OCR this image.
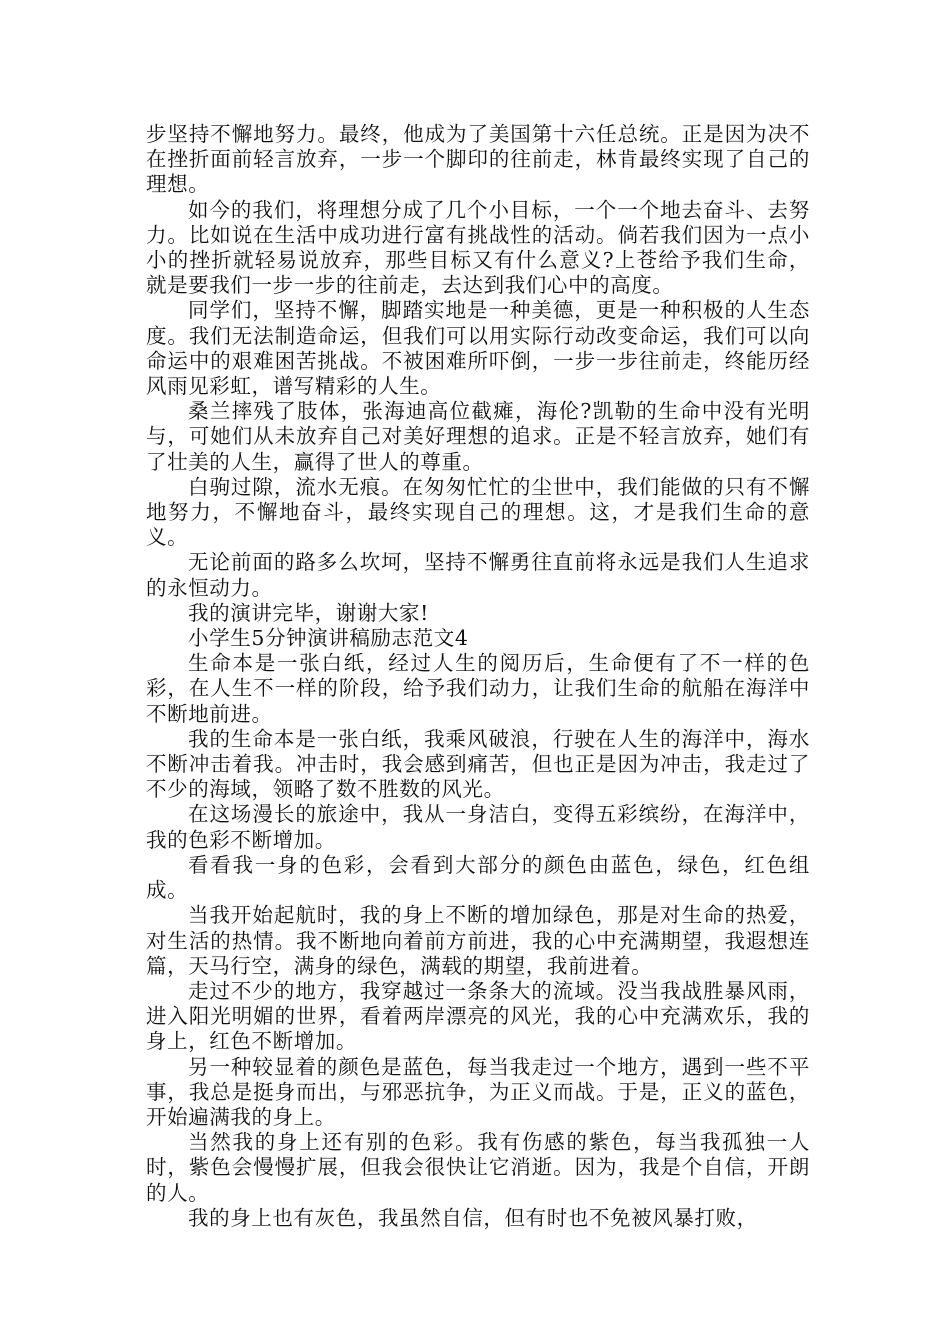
步坚持不懈地努力。最终，他成为了美国第十六任总统。正是因为决不在挫折面前轻言放弃，一步一个脚印的往前走，林肯最终实现了自己的理想。

如今的我们，将理想分成了几个小目标，一个一个地去奋斗、去努力。比如说在生活中成功进行富有挑战性的活动。倘若我们因为一点小小的挫折就轻易说放弃，那些目标又有什么意义?上苍给予我们生命，就是要我们一步一步的往前走，去达到我们心中的高度。

同学们，坚持不懈，脚踏实地是一种美德，更是一种积极的人生态度。我们无法制造命运，但我们可以用实际行动改变命运，我们可以向命运中的艰难困苦挑战。不被困难所吓倒，一步一步往前走，终能历经风雨见彩虹，谱写精彩的人生。

桑兰摔残了肢体，张海迪高位截瘫，海伦?凯勒的生命中没有光明与，可她们从未放弃自己对美好理想的追求。正是不轻言放弃，她们有了壮美的人生，赢得了世人的尊重。

白驹过隙，流水无痕。在匆匆忙忙的尘世中，我们能做的只有不懈地努力，不懈地奋斗，最终实现自己的理想。这，才是我们生命的意义。

无论前面的路多么坎坷，坚持不懈勇往直前将永远是我们人生追求的永恒动力。

我的演讲完毕，谢谢大家!

小学生5分钟演讲稿励志范文4

生命本是一张白纸，经过人生的阅历后，生命便有了不一样的色彩，在人生不一样的阶段，给予我们动力，让我们生命的航船在海洋中不断地前进。

我的生命本是一张白纸，我乘风破浪，行驶在人生的海洋中，海水不断冲击着我。冲击时，我会感到痛苦，但也正是因为冲击，我走过了不少的海域，领略了数不胜数的风光。

在这场漫长的旅途中，我从一身洁白，变得五彩缤纷，在海洋中，我的色彩不断增加。

看看我一身的色彩，会看到大部分的颜色由蓝色，绿色，红色组成。

当我开始起航时，我的身上不断的增加绿色，那是对生命的热爱，对生活的热情。我不断地向着前方前进，我的心中充满期望，我遐想连篇，天马行空，满身的绿色，满载的期望，我前进着。

走过不少的地方，我穿越过一条条大的流域。没当我战胜暴风雨，进入阳光明媚的世界，看着两岸漂亮的风光，我的心中充满欢乐，我的身上，红色不断增加。

另一种较显着的颜色是蓝色，每当我走过一个地方，遇到一些不平事，我总是挺身而出，与邪恶抗争，为正义而战。于是，正义的蓝色，开始遍满我的身上。

当然我的身上还有别的色彩。我有伤感的紫色，每当我孤独一人时，紫色会慢慢扩展，但我会很快让它消逝。因为，我是个自信，开朗的人。

我的身上也有灰色，我虽然自信，但有时也不免被风暴打败，
